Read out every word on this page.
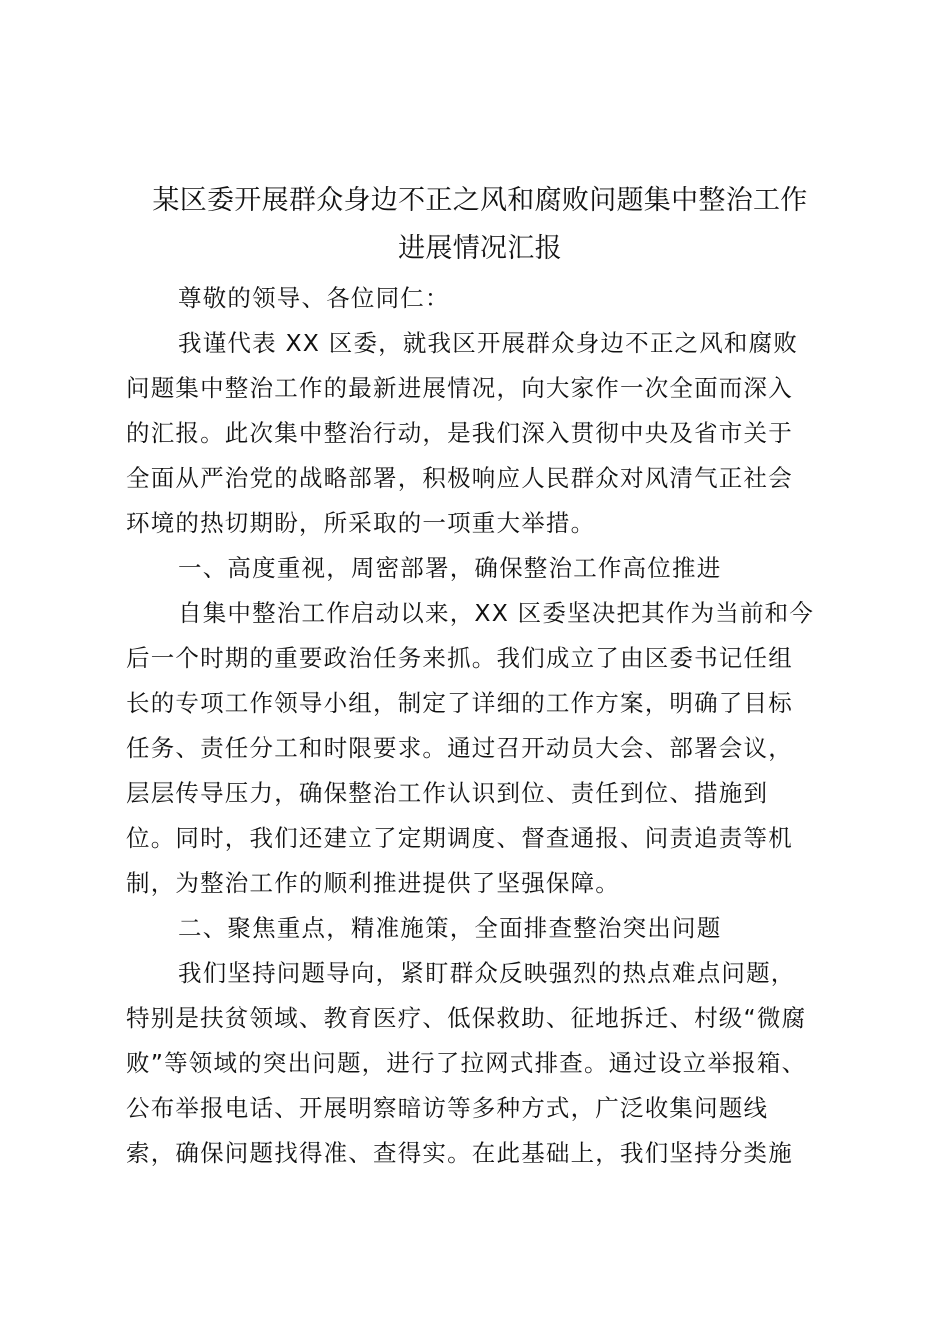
某区委开展群众身边不正之风和腐败问题集中整治工作
进展情况汇报

尊敬的领导、各位同仁：

我谨代表 XX 区委，就我区开展群众身边不正之风和腐败

问题集中整治工作的最新进展情况，向大家作一次全面而深入

的汇报。此次集中整治行动，是我们深入贯彻中央及省市关于

全面从严治党的战略部署，积极响应人民群众对风清气正社会

环境的热切期盼，所采取的一项重大举措。

一、高度重视，周密部署，确保整治工作高位推进

自集中整治工作启动以来，XX 区委坚决把其作为当前和今

后一个时期的重要政治任务来抓。我们成立了由区委书记任组

长的专项工作领导小组，制定了详细的工作方案，明确了目标

任务、责任分工和时限要求。通过召开动员大会、部署会议，

层层传导压力，确保整治工作认识到位、责任到位、措施到

位。同时，我们还建立了定期调度、督查通报、问责追责等机

制，为整治工作的顺利推进提供了坚强保障。

二、聚焦重点，精准施策，全面排查整治突出问题

我们坚持问题导向，紧盯群众反映强烈的热点难点问题，

特别是扶贫领域、教育医疗、低保救助、征地拆迁、村级“微腐

败”等领域的突出问题，进行了拉网式排查。通过设立举报箱、

公布举报电话、开展明察暗访等多种方式，广泛收集问题线

索，确保问题找得准、查得实。在此基础上，我们坚持分类施
